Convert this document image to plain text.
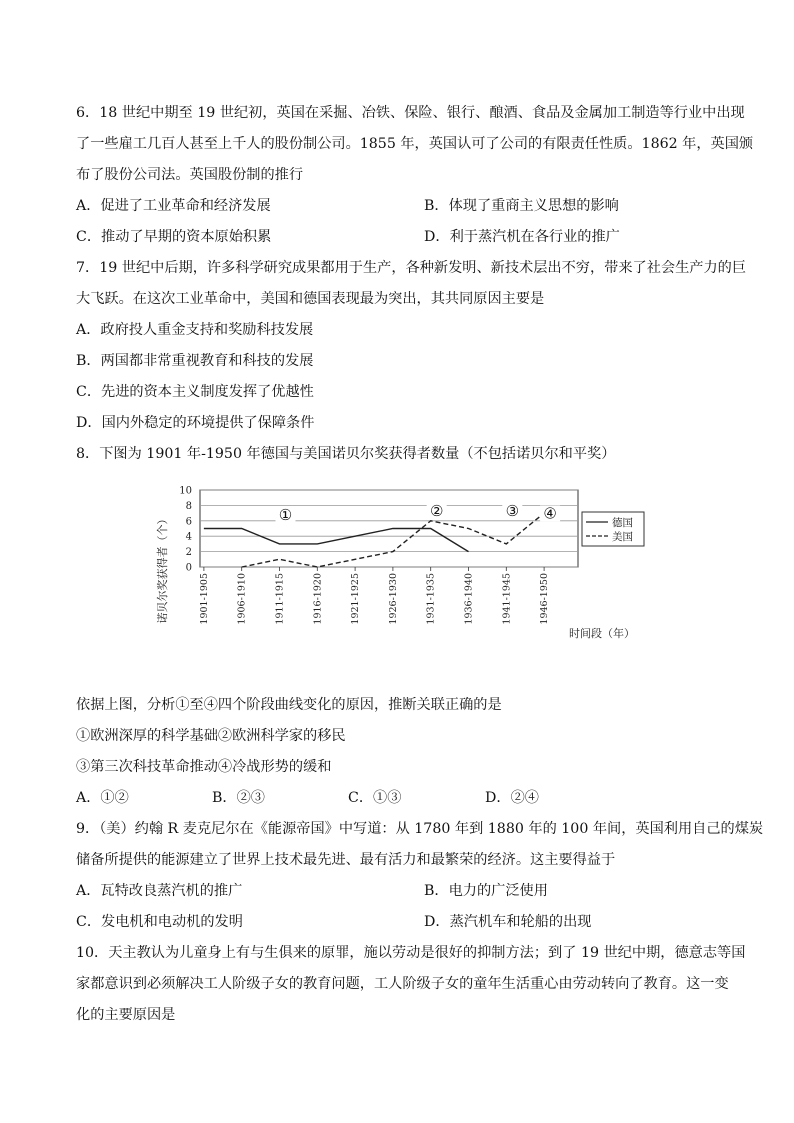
6．18 世纪中期至 19 世纪初，英国在采掘、冶铁、保险、银行、酿酒、食品及金属加工制造等行业中出现
了一些雇工几百人甚至上千人的股份制公司。1855 年，英国认可了公司的有限责任性质。1862 年，英国颁
布了股份公司法。英国股份制的推行
A．促进了工业革命和经济发展	B．体现了重商主义思想的影响
C．推动了早期的资本原始积累	D．利于蒸汽机在各行业的推广
7．19 世纪中后期，许多科学研究成果都用于生产，各种新发明、新技术层出不穷，带来了社会生产力的巨
大飞跃。在这次工业革命中，美国和德国表现最为突出，其共同原因主要是
A．政府投人重金支持和奖励科技发展
B．两国都非常重视教育和科技的发展
C．先进的资本主义制度发挥了优越性
D．国内外稳定的环境提供了保障条件
8．下图为 1901 年-1950 年德国与美国诺贝尔奖获得者数量（不包括诺贝尔和平奖）
0
2
4
6
8
10
1901-1905	1906-1910	1911-1915	1916-1920	1921-1925	1926-1930	1931-1935	1936-1940	1941-1945	1946-1950
诺贝尔奖获得者（个）
时间段（年）
①	②	③ ④
德国
美国
依据上图，分析①至④四个阶段曲线变化的原因，推断关联正确的是
①欧洲深厚的科学基础②欧洲科学家的移民
③第三次科技革命推动④冷战形势的缓和
A．①②	B．②③	C．①③	D．②④
9．（美）约翰 R 麦克尼尔在《能源帝国》中写道：从 1780 年到 1880 年的 100 年间，英国利用自己的煤炭
储备所提供的能源建立了世界上技术最先进、最有活力和最繁荣的经济。这主要得益于
A．瓦特改良蒸汽机的推广	B．电力的广泛使用
C．发电机和电动机的发明	D．蒸汽机车和轮船的出现
10．天主教认为儿童身上有与生俱来的原罪，施以劳动是很好的抑制方法；到了 19 世纪中期，德意志等国
家都意识到必须解决工人阶级子女的教育问题，工人阶级子女的童年生活重心由劳动转向了教育。这一变
化的主要原因是
